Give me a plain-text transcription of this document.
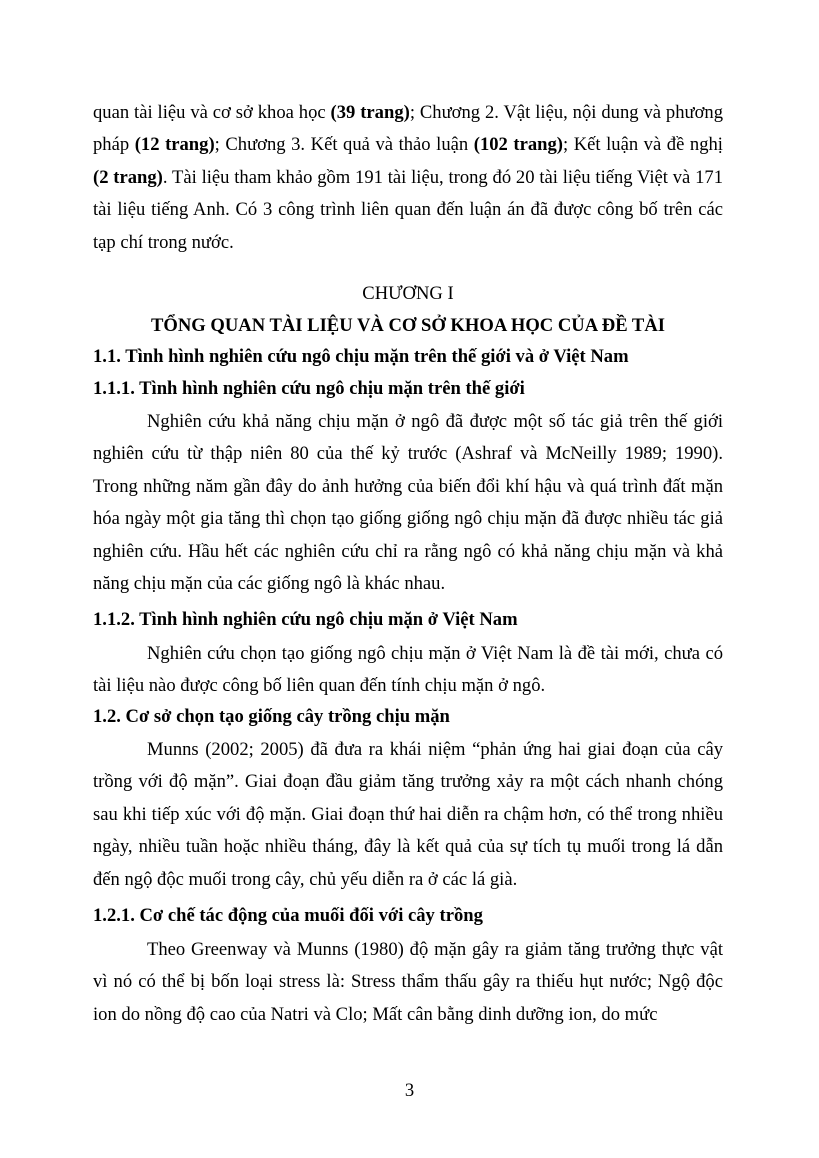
quan tài liệu và cơ sở khoa học (39 trang); Chương 2. Vật liệu, nội dung và phương pháp (12 trang); Chương 3. Kết quả và thảo luận (102 trang); Kết luận và đề nghị (2 trang). Tài liệu tham khảo gồm 191 tài liệu, trong đó 20 tài liệu tiếng Việt và 171 tài liệu tiếng Anh. Có 3 công trình liên quan đến luận án đã được công bố trên các tạp chí trong nước.

CHƯƠNG I

TỔNG QUAN TÀI LIỆU VÀ CƠ SỞ KHOA HỌC CỦA ĐỀ TÀI

1.1. Tình hình nghiên cứu ngô chịu mặn trên thế giới và ở Việt Nam

1.1.1. Tình hình nghiên cứu ngô chịu mặn trên thế giới

Nghiên cứu khả năng chịu mặn ở ngô đã được một số tác giả trên thế giới nghiên cứu từ thập niên 80 của thế kỷ trước (Ashraf và McNeilly 1989; 1990). Trong những năm gần đây do ảnh hưởng của biến đổi khí hậu và quá trình đất mặn hóa ngày một gia tăng thì chọn tạo giống giống ngô chịu mặn đã được nhiều tác giả nghiên cứu. Hầu hết các nghiên cứu chỉ ra rằng ngô có khả năng chịu mặn và khả năng chịu mặn của các giống ngô là khác nhau.

1.1.2. Tình hình nghiên cứu ngô chịu mặn ở Việt Nam

Nghiên cứu chọn tạo giống ngô chịu mặn ở Việt Nam là đề tài mới, chưa có tài liệu nào được công bố liên quan đến tính chịu mặn ở ngô.

1.2. Cơ sở chọn tạo giống cây trồng chịu mặn

Munns (2002; 2005) đã đưa ra khái niệm “phản ứng hai giai đoạn của cây trồng với độ mặn”. Giai đoạn đầu giảm tăng trưởng xảy ra một cách nhanh chóng sau khi tiếp xúc với độ mặn. Giai đoạn thứ hai diễn ra chậm hơn, có thể trong nhiều ngày, nhiều tuần hoặc nhiều tháng, đây là kết quả của sự tích tụ muối trong lá dẫn đến ngộ độc muối trong cây, chủ yếu diễn ra ở các lá già.

1.2.1. Cơ chế tác động của muối đối với cây trồng

Theo Greenway và Munns (1980) độ mặn gây ra giảm tăng trưởng thực vật vì nó có thể bị bốn loại stress là: Stress thẩm thấu gây ra thiếu hụt nước; Ngộ độc ion do nồng độ cao của Natri và Clo; Mất cân bằng dinh dưỡng ion, do mức

3
